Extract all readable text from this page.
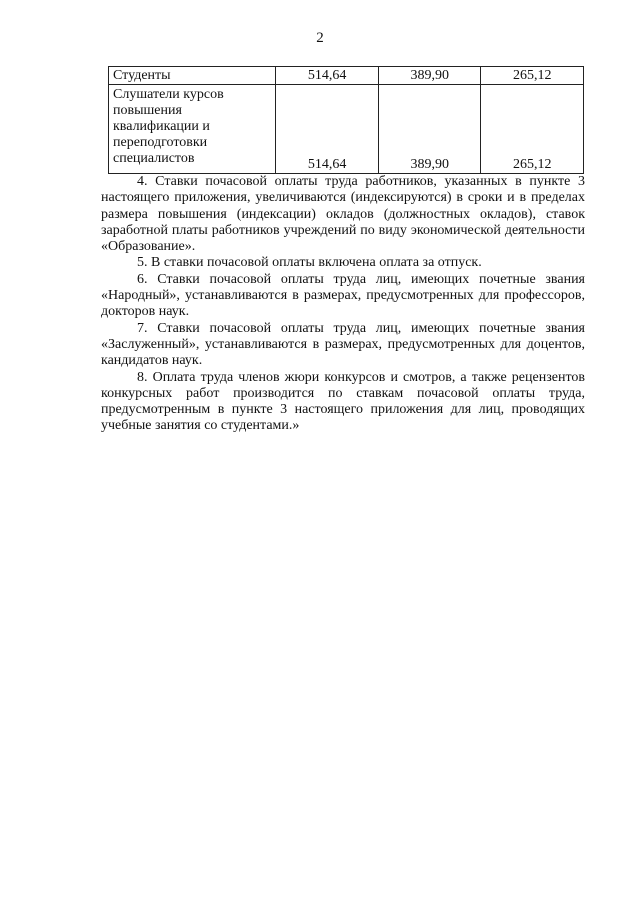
2
Студенты	514,64	389,90	265,12

Слушатели курсов
повышения
квалификации и
переподготовки
специалистов	514,64	389,90	265,12

4. Ставки почасовой оплаты труда работников, указанных в пункте 3 настоящего приложения, увеличиваются (индексируются) в сроки и в пределах размера повышения (индексации) окладов (должностных окладов), ставок заработной платы работников учреждений по виду экономической деятельности «Образование».

5. В ставки почасовой оплаты включена оплата за отпуск.

6. Ставки почасовой оплаты труда лиц, имеющих почетные звания «Народный», устанавливаются в размерах, предусмотренных для профессоров, докторов наук.

7. Ставки почасовой оплаты труда лиц, имеющих почетные звания «Заслуженный», устанавливаются в размерах, предусмотренных для доцентов, кандидатов наук.

8. Оплата труда членов жюри конкурсов и смотров, а также рецензентов конкурсных работ производится по ставкам почасовой оплаты труда, предусмотренным в пункте 3 настоящего приложения для лиц, проводящих учебные занятия со студентами.»
